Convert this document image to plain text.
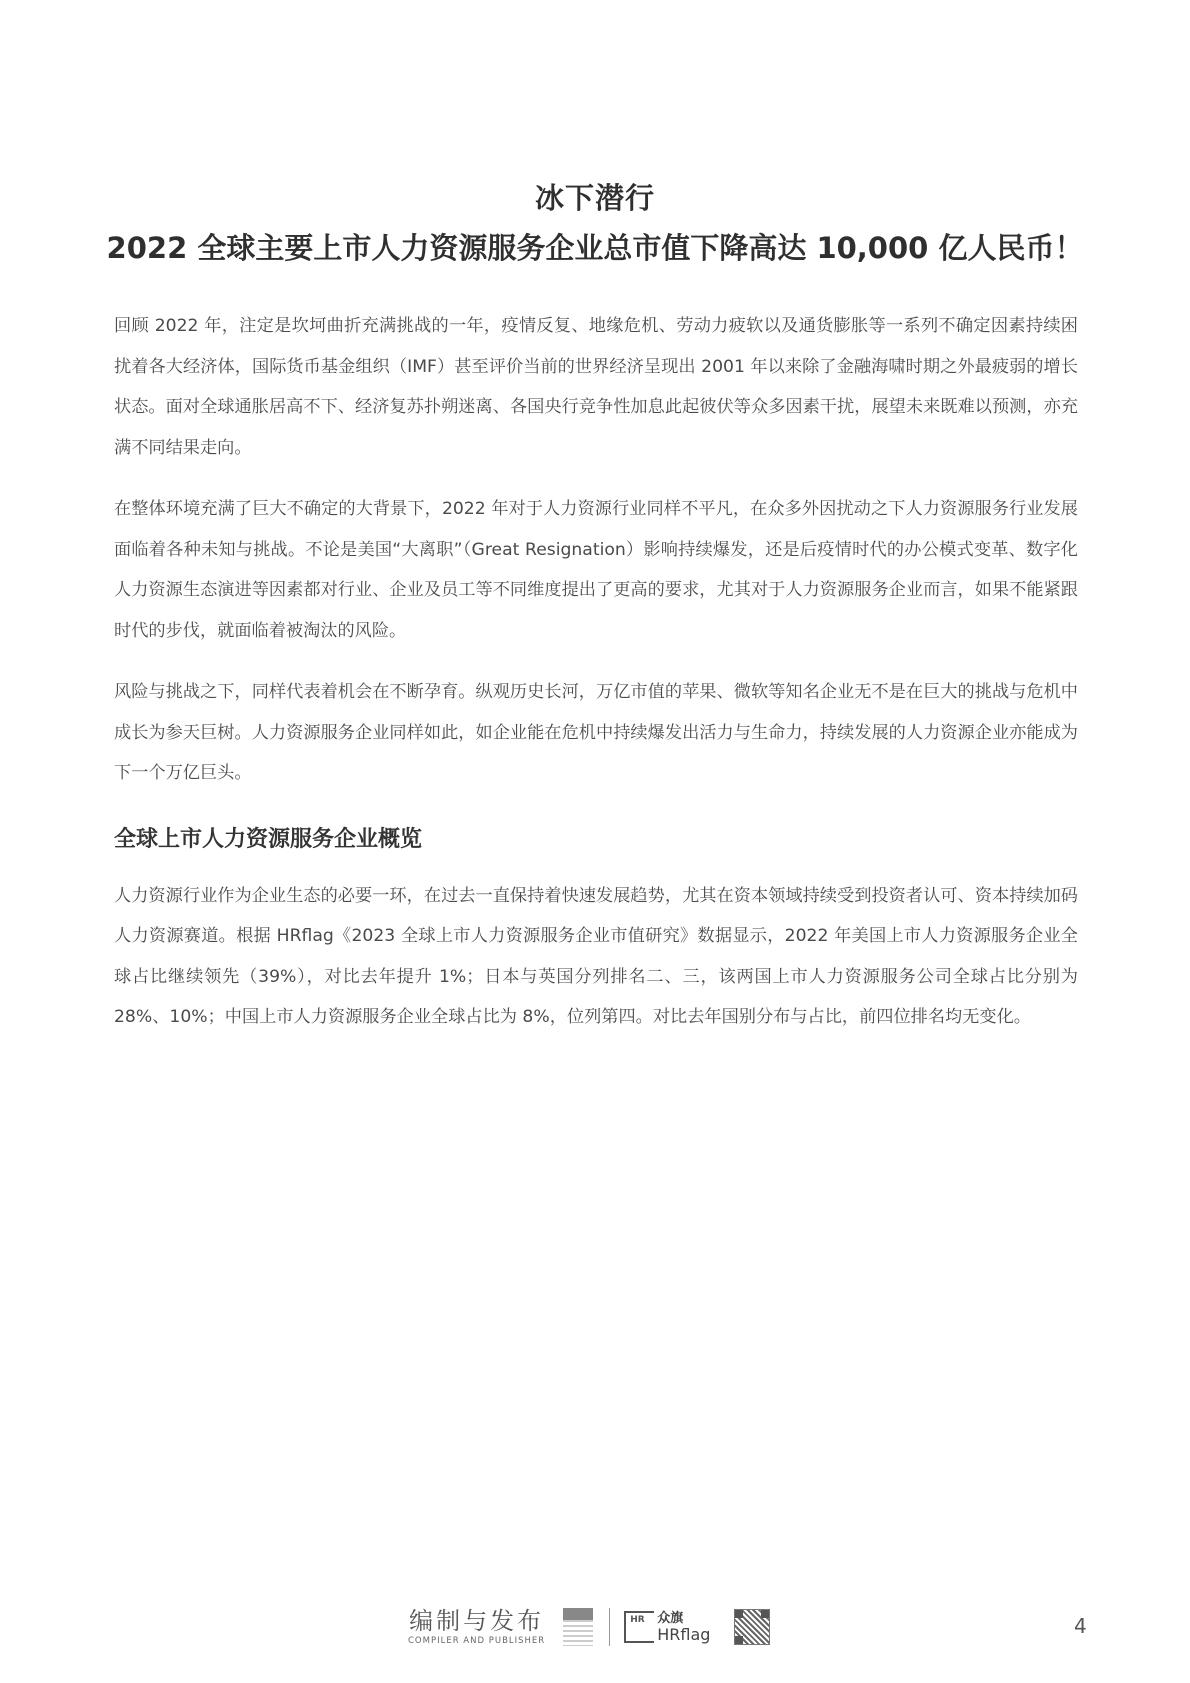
冰下潜行
2022 全球主要上市人力资源服务企业总市值下降高达 10,000 亿人民币！

回顾 2022 年，注定是坎坷曲折充满挑战的一年，疫情反复、地缘危机、劳动力疲软以及通货膨胀等一系列不确定因素持续困扰着各大经济体，国际货币基金组织（IMF）甚至评价当前的世界经济呈现出 2001 年以来除了金融海啸时期之外最疲弱的增长状态。面对全球通胀居高不下、经济复苏扑朔迷离、各国央行竞争性加息此起彼伏等众多因素干扰，展望未来既难以预测，亦充满不同结果走向。

在整体环境充满了巨大不确定的大背景下，2022 年对于人力资源行业同样不平凡，在众多外因扰动之下人力资源服务行业发展面临着各种未知与挑战。不论是美国“大离职”（Great Resignation）影响持续爆发，还是后疫情时代的办公模式变革、数字化人力资源生态演进等因素都对行业、企业及员工等不同维度提出了更高的要求，尤其对于人力资源服务企业而言，如果不能紧跟时代的步伐，就面临着被淘汰的风险。

风险与挑战之下，同样代表着机会在不断孕育。纵观历史长河，万亿市值的苹果、微软等知名企业无不是在巨大的挑战与危机中成长为参天巨树。人力资源服务企业同样如此，如企业能在危机中持续爆发出活力与生命力，持续发展的人力资源企业亦能成为下一个万亿巨头。

全球上市人力资源服务企业概览

人力资源行业作为企业生态的必要一环，在过去一直保持着快速发展趋势，尤其在资本领域持续受到投资者认可、资本持续加码人力资源赛道。根据 HRflag《2023 全球上市人力资源服务企业市值研究》数据显示，2022 年美国上市人力资源服务企业全球占比继续领先（39%），对比去年提升 1%；日本与英国分列排名二、三，该两国上市人力资源服务公司全球占比分别为 28%、10%；中国上市人力资源服务企业全球占比为 8%，位列第四。对比去年国别分布与占比，前四位排名均无变化。

编制与发布
COMPILER AND PUBLISHER
HR 众旗
HRflag	4
